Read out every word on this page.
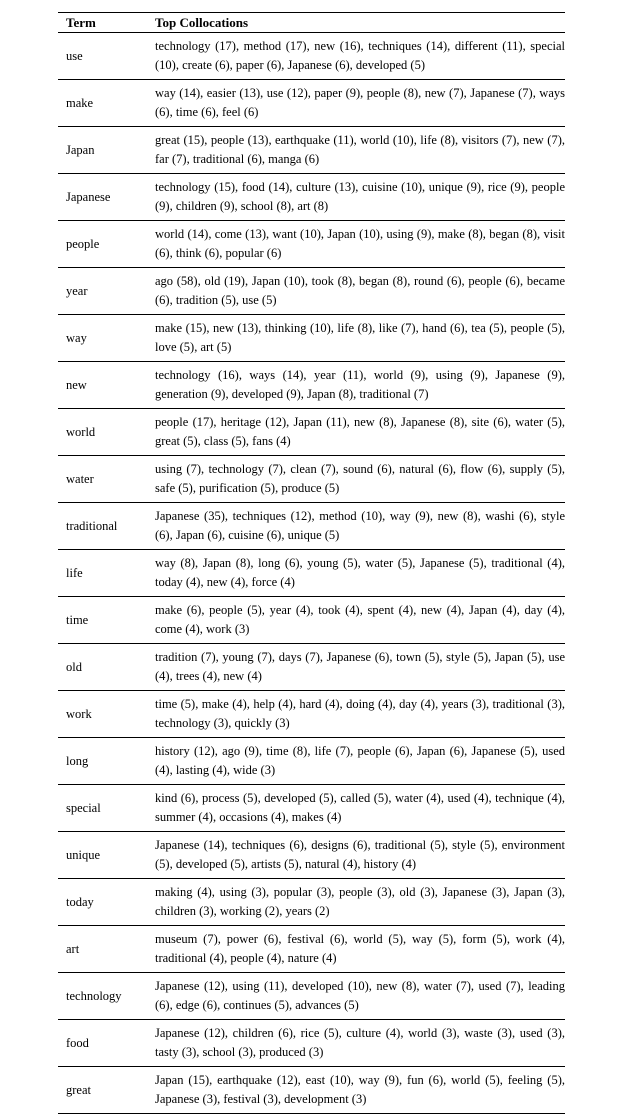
Term	Top Collocations
use	technology (17), method (17), new (16), techniques (14), different (11), special (10), create (6), paper (6), Japanese (6), developed (5)
make	way (14), easier (13), use (12), paper (9), people (8), new (7), Japanese (7), ways (6), time (6), feel (6)
Japan	great (15), people (13), earthquake (11), world (10), life (8), visitors (7), new (7), far (7), traditional (6), manga (6)
Japanese	technology (15), food (14), culture (13), cuisine (10), unique (9), rice (9), people (9), children (9), school (8), art (8)
people	world (14), come (13), want (10), Japan (10), using (9), make (8), began (8), visit (6), think (6), popular (6)
year	ago (58), old (19), Japan (10), took (8), began (8), round (6), people (6), became (6), tradition (5), use (5)
way	make (15), new (13), thinking (10), life (8), like (7), hand (6), tea (5), people (5), love (5), art (5)
new	technology (16), ways (14), year (11), world (9), using (9), Japanese (9), generation (9), developed (9), Japan (8), traditional (7)
world	people (17), heritage (12), Japan (11), new (8), Japanese (8), site (6), water (5), great (5), class (5), fans (4)
water	using (7), technology (7), clean (7), sound (6), natural (6), flow (6), supply (5), safe (5), purification (5), produce (5)
traditional	Japanese (35), techniques (12), method (10), way (9), new (8), washi (6), style (6), Japan (6), cuisine (6), unique (5)
life	way (8), Japan (8), long (6), young (5), water (5), Japanese (5), traditional (4), today (4), new (4), force (4)
time	make (6), people (5), year (4), took (4), spent (4), new (4), Japan (4), day (4), come (4), work (3)
old	tradition (7), young (7), days (7), Japanese (6), town (5), style (5), Japan (5), use (4), trees (4), new (4)
work	time (5), make (4), help (4), hard (4), doing (4), day (4), years (3), traditional (3), technology (3), quickly (3)
long	history (12), ago (9), time (8), life (7), people (6), Japan (6), Japanese (5), used (4), lasting (4), wide (3)
special	kind (6), process (5), developed (5), called (5), water (4), used (4), technique (4), summer (4), occasions (4), makes (4)
unique	Japanese (14), techniques (6), designs (6), traditional (5), style (5), environment (5), developed (5), artists (5), natural (4), history (4)
today	making (4), using (3), popular (3), people (3), old (3), Japanese (3), Japan (3), children (3), working (2), years (2)
art	museum (7), power (6), festival (6), world (5), way (5), form (5), work (4), traditional (4), people (4), nature (4)
technology	Japanese (12), using (11), developed (10), new (8), water (7), used (7), leading (6), edge (6), continues (5), advances (5)
food	Japanese (12), children (6), rice (5), culture (4), world (3), waste (3), used (3), tasty (3), school (3), produced (3)
great	Japan (15), earthquake (12), east (10), way (9), fun (6), world (5), feeling (5), Japanese (3), festival (3), development (3)
